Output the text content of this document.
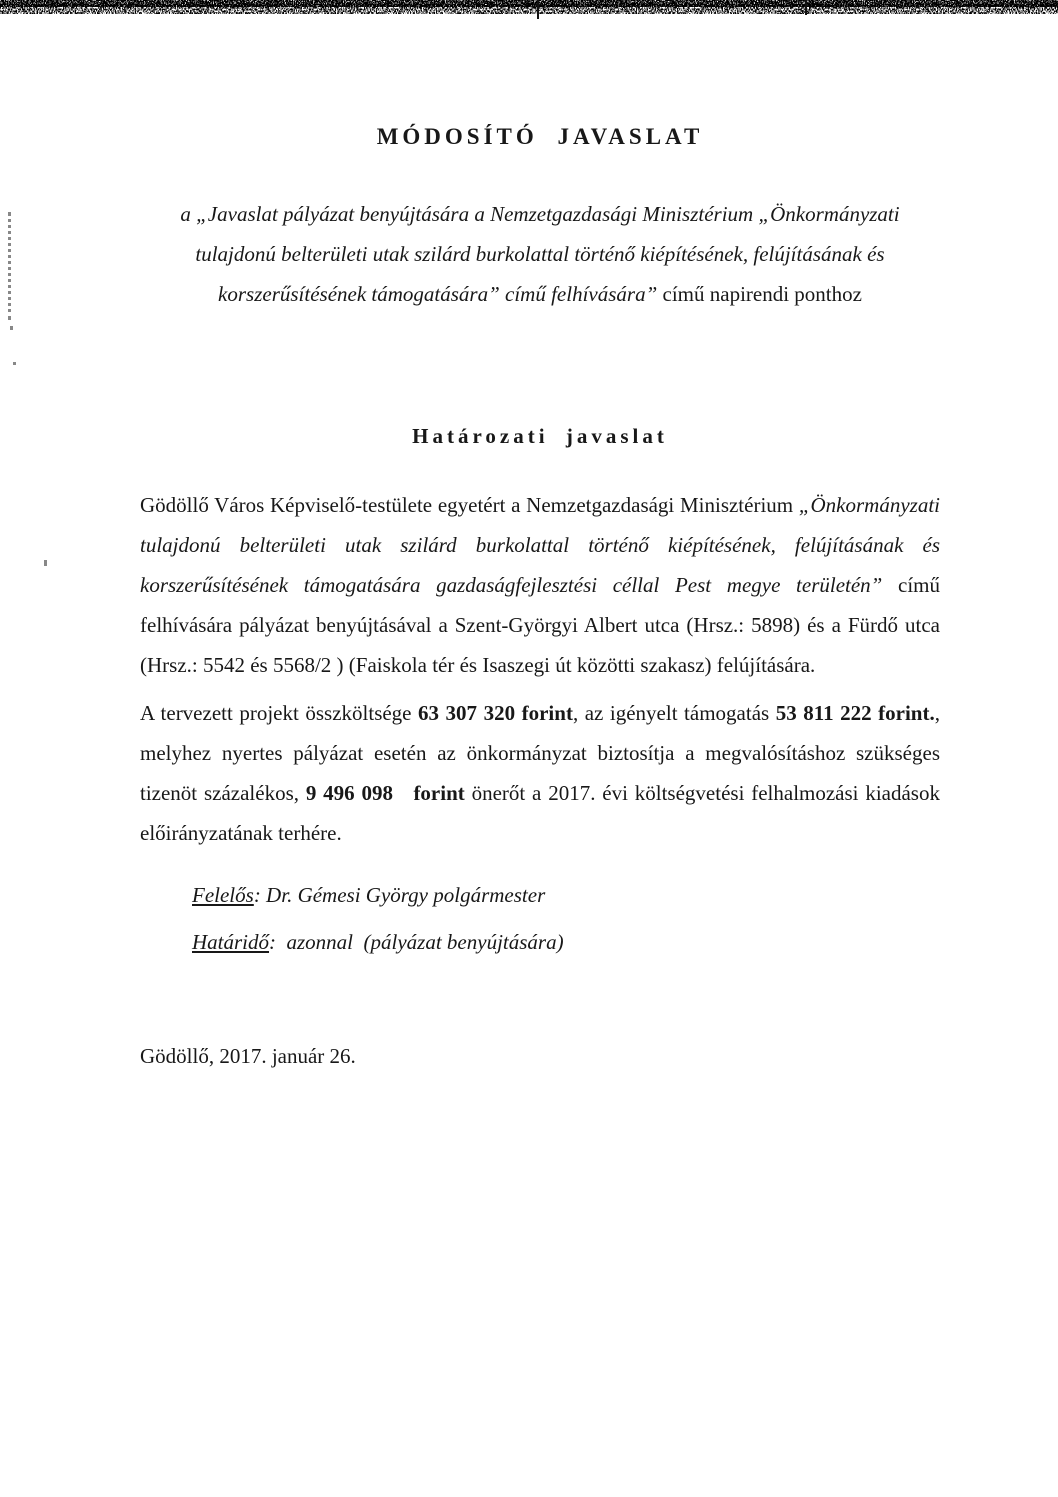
MÓDOSÍTÓ JAVASLAT
a „Javaslat pályázat benyújtására a Nemzetgazdasági Minisztérium „Önkormányzati tulajdonú belterületi utak szilárd burkolattal történő kiépítésének, felújításának és korszerűsítésének támogatására” című felhívására” című napirendi ponthoz
Határozati javaslat

Gödöllő Város Képviselő-testülete egyetért a Nemzetgazdasági Minisztérium „Önkormányzati tulajdonú belterületi utak szilárd burkolattal történő kiépítésének, felújításának és korszerűsítésének támogatására gazdaságfejlesztési céllal Pest megye területén” című felhívására pályázat benyújtásával a Szent-Györgyi Albert utca (Hrsz.: 5898) és a Fürdő utca (Hrsz.: 5542 és 5568/2 ) (Faiskola tér és Isaszegi út közötti szakasz) felújítására.

A tervezett projekt összköltsége 63 307 320 forint, az igényelt támogatás 53 811 222 forint., melyhez nyertes pályázat esetén az önkormányzat biztosítja a megvalósításhoz szükséges tizenöt százalékos, 9 496 098   forint önerőt a 2017. évi költségvetési felhalmozási kiadások előirányzatának terhére.

Felelős: Dr. Gémesi György polgármester

Határidő:  azonnal  (pályázat benyújtására)

Gödöllő, 2017. január 26.
